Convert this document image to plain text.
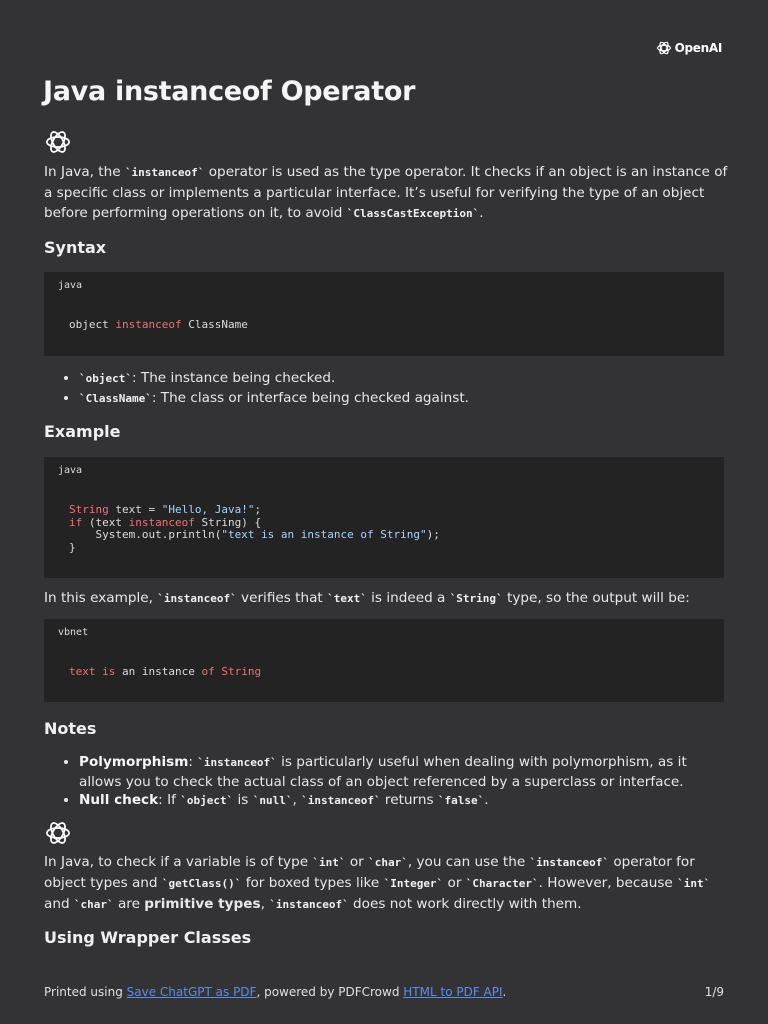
OpenAI
Java instanceof Operator

In Java, the `instanceof` operator is used as the type operator. It checks if an object is an instance of a specific class or implements a particular interface. It’s useful for verifying the type of an object before performing operations on it, to avoid `ClassCastException`.

Syntax
java
object instanceof ClassName
• `object`: The instance being checked.
• `ClassName`: The class or interface being checked against.
Example
java
String text = "Hello, Java!";
if (text instanceof String) {
System.out.println("text is an instance of String");
}

In this example, `instanceof` verifies that `text` is indeed a `String` type, so the output will be:

vbnet
text is an instance of String
Notes
• Polymorphism: `instanceof` is particularly useful when dealing with polymorphism, as it allows you to check the actual class of an object referenced by a superclass or interface.
• Null check: If `object` is `null`, `instanceof` returns `false`.

In Java, to check if a variable is of type `int` or `char`, you can use the `instanceof` operator for object types and `getClass()` for boxed types like `Integer` or `Character`. However, because `int` and `char` are primitive types, `instanceof` does not work directly with them.

Using Wrapper Classes
Printed using Save ChatGPT as PDF, powered by PDFCrowd HTML to PDF API.	1/9
